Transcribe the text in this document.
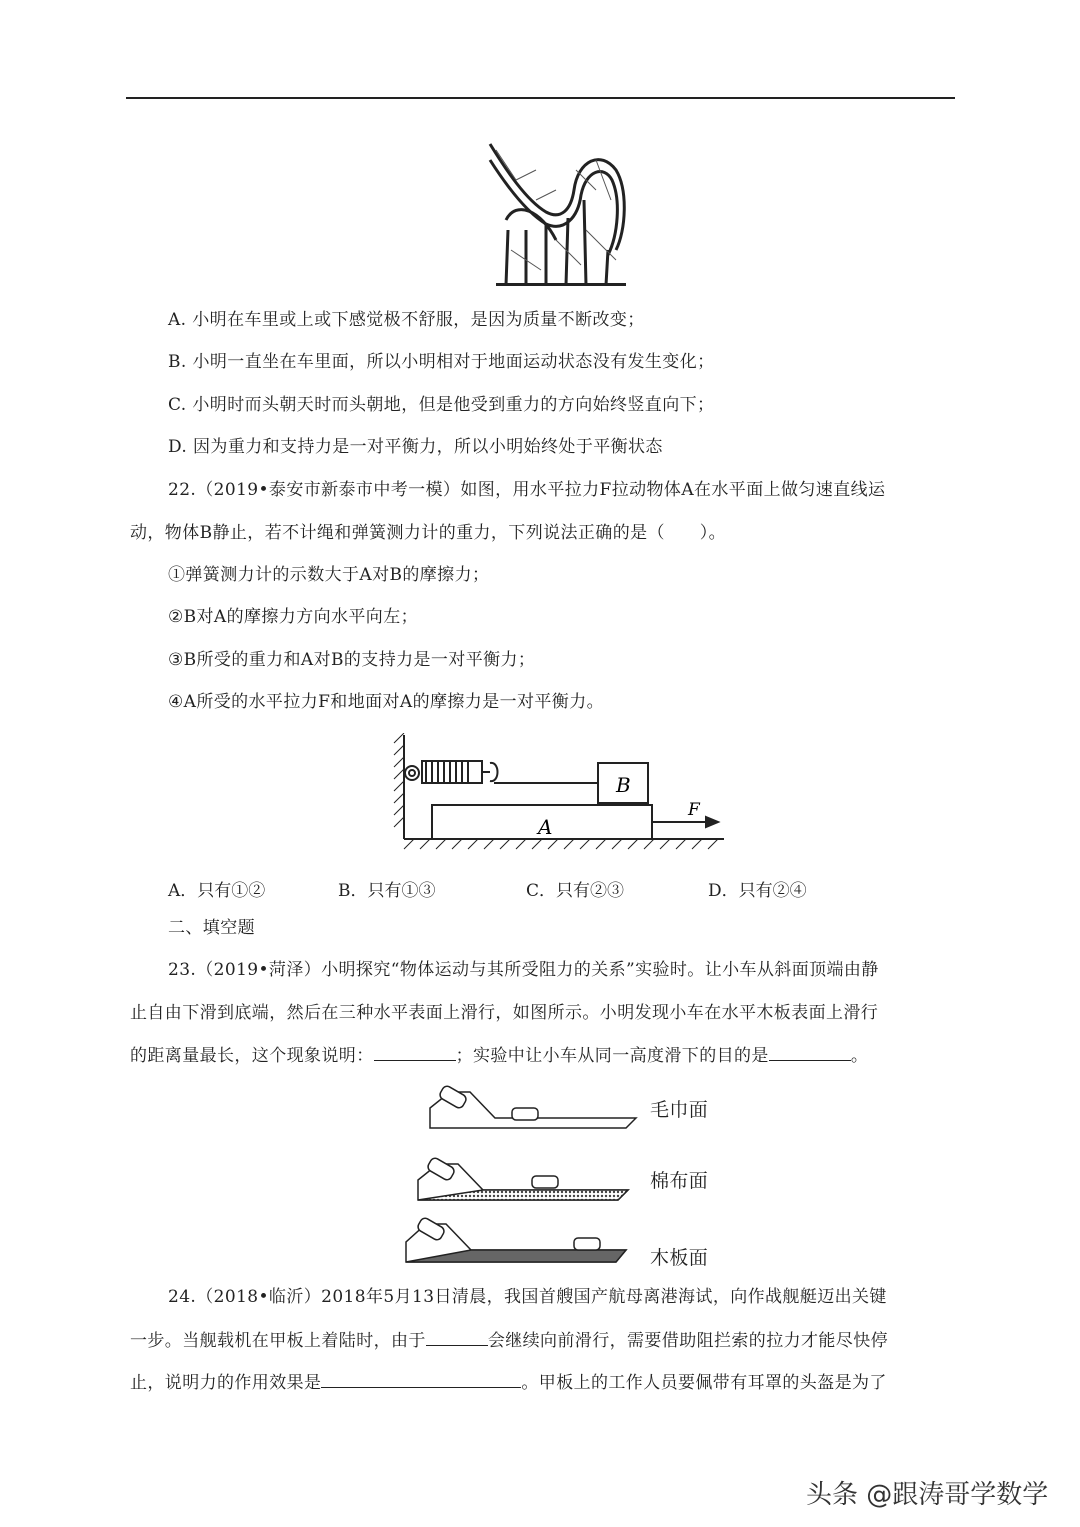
A. 小明在车里或上或下感觉极不舒服，是因为质量不断改变；
B. 小明一直坐在车里面，所以小明相对于地面运动状态没有发生变化；
C. 小明时而头朝天时而头朝地，但是他受到重力的方向始终竖直向下；
D. 因为重力和支持力是一对平衡力，所以小明始终处于平衡状态
22.（2019•泰安市新泰市中考一模）如图，用水平拉力F拉动物体A在水平面上做匀速直线运
动，物体B静止，若不计绳和弹簧测力计的重力，下列说法正确的是（　　）。
①弹簧测力计的示数大于A对B的摩擦力；
②B对A的摩擦力方向水平向左；
③B所受的重力和A对B的支持力是一对平衡力；
④A所受的水平拉力F和地面对A的摩擦力是一对平衡力。
B
A
F
A．只有①②	B．只有①③	C．只有②③	D．只有②④
二、填空题
23.（2019•菏泽）小明探究“物体运动与其所受阻力的关系”实验时。让小车从斜面顶端由静
止自由下滑到底端，然后在三种水平表面上滑行，如图所示。小明发现小车在水平木板表面上滑行
的距离量最长，这个现象说明：	；实验中让小车从同一高度滑下的目的是	。
毛巾面
棉布面
木板面
24.（2018•临沂）2018年5月13日清晨，我国首艘国产航母离港海试，向作战舰艇迈出关键
一步。当舰载机在甲板上着陆时，由于	会继续向前滑行，需要借助阻拦索的拉力才能尽快停
止，说明力的作用效果是	。甲板上的工作人员要佩带有耳罩的头盔是为了
头条 @跟涛哥学数学
